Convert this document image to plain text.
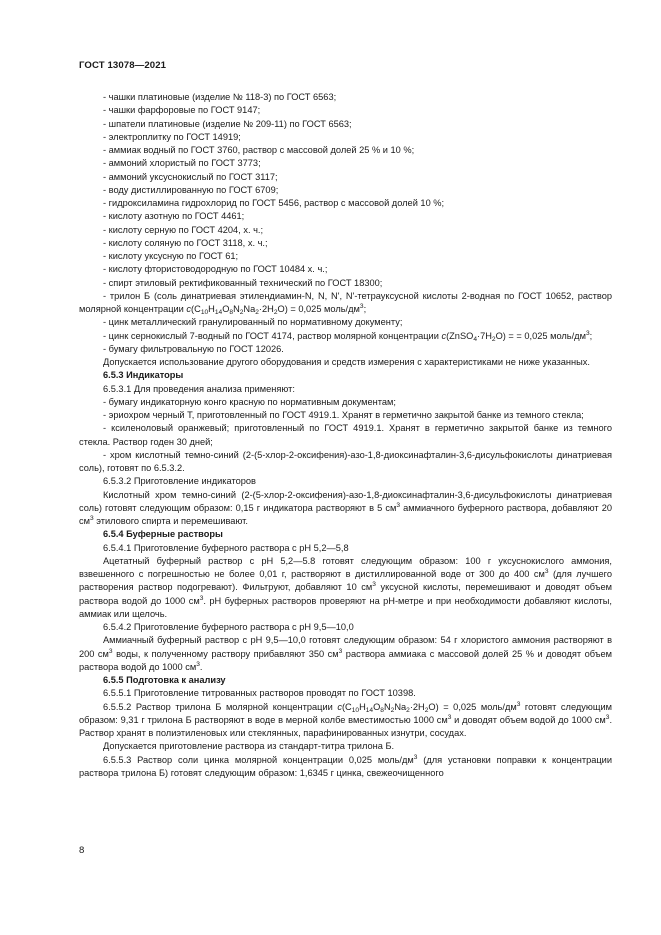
ГОСТ 13078—2021

- чашки платиновые (изделие № 118-3) по ГОСТ 6563;

- чашки фарфоровые по ГОСТ 9147;

- шпатели платиновые (изделие № 209-11) по ГОСТ 6563;

- электроплитку по ГОСТ 14919;

- аммиак водный по ГОСТ 3760, раствор с массовой долей 25 % и 10 %;

- аммоний хлористый по ГОСТ 3773;

- аммоний уксуснокислый по ГОСТ 3117;

- воду дистиллированную по ГОСТ 6709;

- гидроксиламина гидрохлорид по ГОСТ 5456, раствор с массовой долей 10 %;

- кислоту азотную по ГОСТ 4461;

- кислоту серную по ГОСТ 4204, х. ч.;

- кислоту соляную по ГОСТ 3118, х. ч.;

- кислоту уксусную по ГОСТ 61;

- кислоту фтористоводородную по ГОСТ 10484 х. ч.;

- спирт этиловый ректификованный технический по ГОСТ 18300;

- трилон Б (соль динатриевая этилендиамин-N, N, N', N'-тетрауксусной кислоты 2-водная по ГОСТ 10652, раствор молярной концентрации $c(C_{10}H_{14}O_8N_2Na_2\cdot 2H_2O) = 0,025$ моль/$дм^3$;

- цинк металлический гранулированный по нормативному документу;

- цинк сернокислый 7-водный по ГОСТ 4174, раствор молярной концентрации $c(ZnSO_4\cdot 7H_2O)$ = = 0,025 моль/$дм^3$;

- бумагу фильтровальную по ГОСТ 12026.

Допускается использование другого оборудования и средств измерения с характеристиками не ниже указанных.

6.5.3 Индикаторы

6.5.3.1 Для проведения анализа применяют:

- бумагу индикаторную конго красную по нормативным документам;

- эриохром черный Т, приготовленный по ГОСТ 4919.1. Хранят в герметично закрытой банке из темного стекла;

- ксиленоловый оранжевый; приготовленный по ГОСТ 4919.1. Хранят в герметично закрытой банке из темного стекла. Раствор годен 30 дней;

- хром кислотный темно-синий (2-(5-хлор-2-оксифения)-азо-1,8-диоксинафталин-3,6-дисульфокислоты динатриевая соль), готовят по 6.5.3.2.

6.5.3.2 Приготовление индикаторов

Кислотный хром темно-синий (2-(5-хлор-2-оксифения)-азо-1,8-диоксинафталин-3,6-дисульфокислоты динатриевая соль) готовят следующим образом: 0,15 г индикатора растворяют в 5 $см^3$ аммиачного буферного раствора, добавляют 20 $см^3$ этилового спирта и перемешивают.

6.5.4 Буферные растворы

6.5.4.1 Приготовление буферного раствора с рН 5,2—5,8

Ацетатный буферный раствор с рН 5,2—5.8 готовят следующим образом: 100 г уксуснокислого аммония, взвешенного с погрешностью не более 0,01 г, растворяют в дистиллированной воде от 300 до 400 $см^3$ (для лучшего растворения раствор подогревают). Фильтруют, добавляют 10 $см^3$ уксусной кислоты, перемешивают и доводят объем раствора водой до 1000 $см^3$. рН буферных растворов проверяют на рН-метре и при необходимости добавляют кислоты, аммиак или щелочь.

6.5.4.2 Приготовление буферного раствора с рН 9,5—10,0

Аммиачный буферный раствор с рН 9,5—10,0 готовят следующим образом: 54 г хлористого аммония растворяют в 200 $см^3$ воды, к полученному раствору прибавляют 350 $см^3$ раствора аммиака с массовой долей 25 % и доводят объем раствора водой до 1000 $см^3$.

6.5.5 Подготовка к анализу

6.5.5.1 Приготовление титрованных растворов проводят по ГОСТ 10398.

6.5.5.2 Раствор трилона Б молярной концентрации $c(C_{10}H_{14}O_8N_2Na_2\cdot 2H_2O) = 0,025$ моль/$дм^3$ готовят следующим образом: 9,31 г трилона Б растворяют в воде в мерной колбе вместимостью 1000 $см^3$ и доводят объем водой до 1000 $см^3$. Раствор хранят в полиэтиленовых или стеклянных, парафинированных изнутри, сосудах.

Допускается приготовление раствора из стандарт-титра трилона Б.

6.5.5.3 Раствор соли цинка молярной концентрации 0,025 моль/$дм^3$ (для установки поправки к концентрации раствора трилона Б) готовят следующим образом: 1,6345 г цинка, свежеочищенного

8
